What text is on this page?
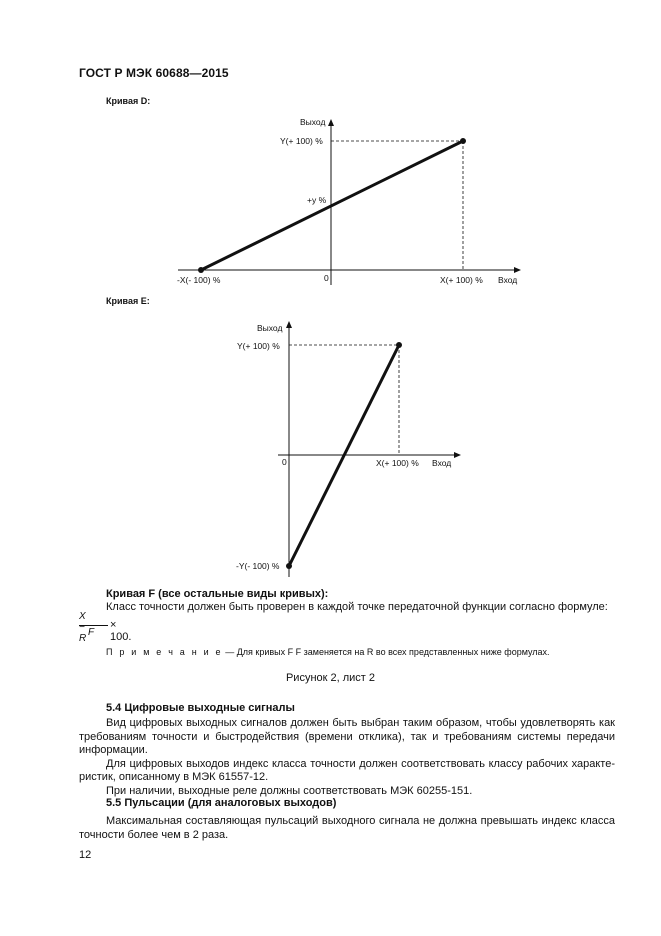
ГОСТ Р МЭК 60688—2015
Кривая D:
Выход
Y(+ 100) %
+y %
0
-X(- 100) %	X(+ 100) % Вход
Кривая E:
Выход
Y(+ 100) %
0	X(+ 100) % Вход
-Y(- 100) %
Кривая F (все остальные виды кривых):
Класс точности должен быть проверен в каждой точке передаточной функции согласно формуле:
X − R
F
× 100.
П р и м е ч а н и е — Для кривых F F заменяется на R во всех представленных ниже формулах.
Рисунок 2, лист 2
5.4 Цифровые выходные сигналы

Вид цифровых выходных сигналов должен быть выбран таким образом, чтобы удовлетворять как требованиям точности и быстродействия (времени отклика), так и требованиям системы передачи информации.

Для цифровых выходов индекс класса точности должен соответствовать классу рабочих характе-ристик, описанному в МЭК 61557-12.

При наличии, выходные реле должны соответствовать МЭК 60255-151.

5.5 Пульсации (для аналоговых выходов)

Максимальная составляющая пульсаций выходного сигнала не должна превышать индекс класса точности более чем в 2 раза.

12
